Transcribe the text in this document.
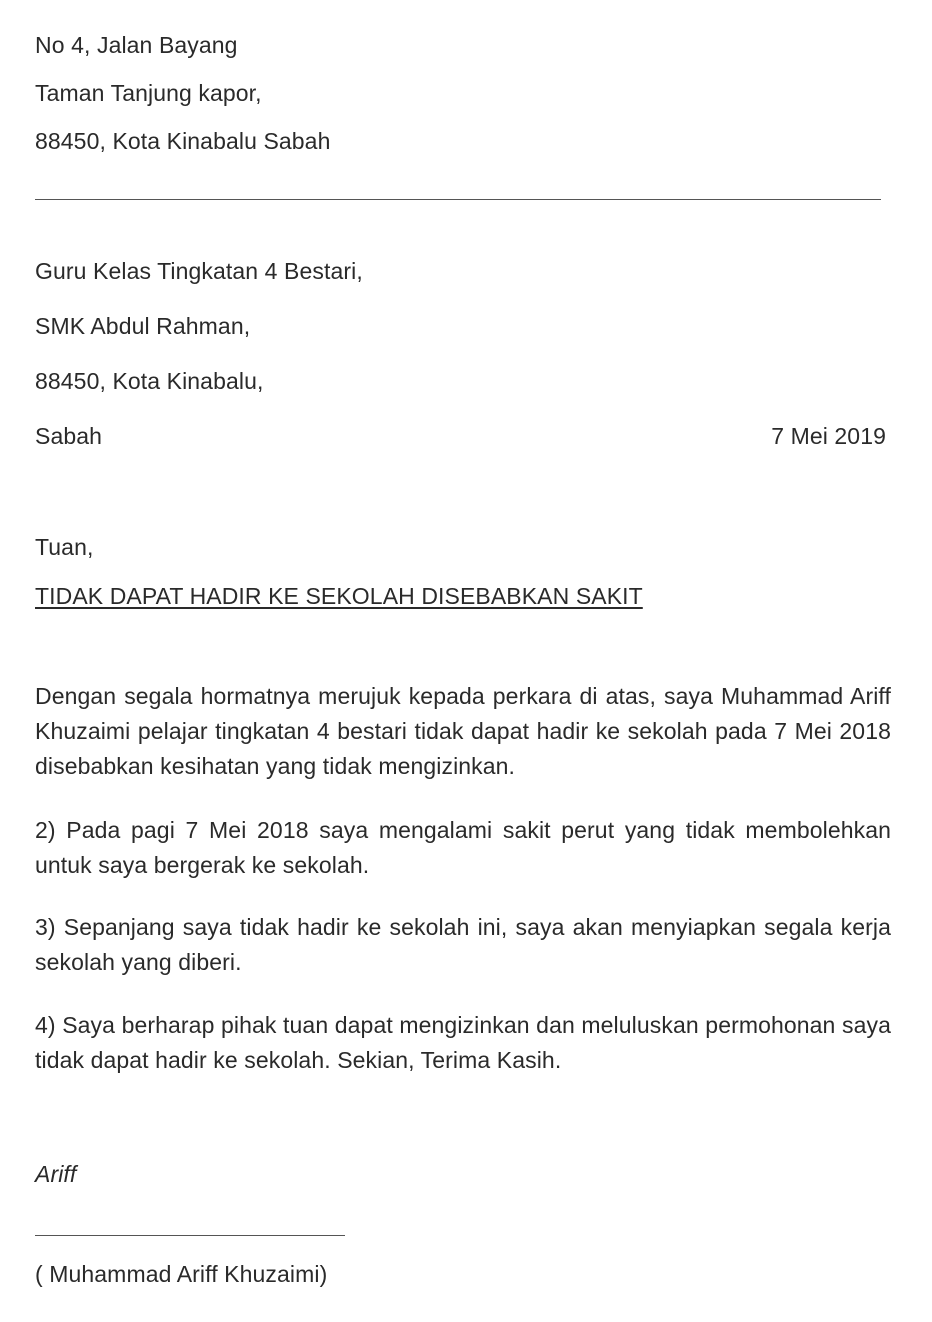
No 4, Jalan Bayang
Taman Tanjung kapor,
88450, Kota Kinabalu Sabah
Guru Kelas Tingkatan 4 Bestari,
SMK Abdul Rahman,
88450, Kota Kinabalu,
Sabah	7 Mei 2019
Tuan,
TIDAK DAPAT HADIR KE SEKOLAH DISEBABKAN SAKIT
Dengan segala hormatnya merujuk kepada perkara di atas, saya Muhammad Ariff Khuzaimi pelajar tingkatan 4 bestari tidak dapat hadir ke sekolah pada 7 Mei 2018 disebabkan kesihatan yang tidak mengizinkan.
2) Pada pagi 7 Mei 2018 saya mengalami sakit perut yang tidak membolehkan untuk saya bergerak ke sekolah.
3) Sepanjang saya tidak hadir ke sekolah ini, saya akan menyiapkan segala kerja sekolah yang diberi.
4) Saya berharap pihak tuan dapat mengizinkan dan meluluskan permohonan saya tidak dapat hadir ke sekolah. Sekian, Terima Kasih.
Ariff
( Muhammad Ariff Khuzaimi)
